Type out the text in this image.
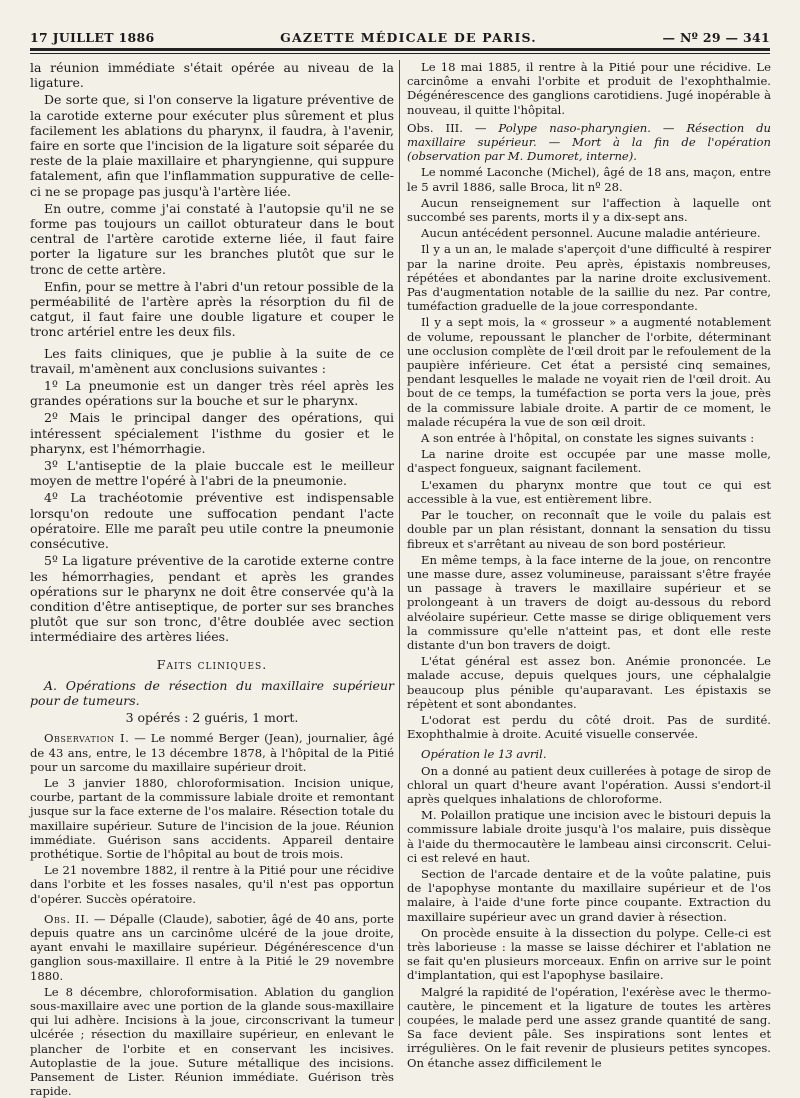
17 JUILLET 1886	GAZETTE MÉDICALE DE PARIS.	— Nº 29 — 341

la réunion immédiate s'était opérée au niveau de la ligature.

De sorte que, si l'on conserve la ligature préventive de la carotide externe pour exécuter plus sûrement et plus facilement les ablations du pharynx, il faudra, à l'avenir, faire en sorte que l'incision de la ligature soit séparée du reste de la plaie maxillaire et pharyngienne, qui suppure fatalement, afin que l'inflammation suppurative de celle-ci ne se propage pas jusqu'à l'artère liée.

En outre, comme j'ai constaté à l'autopsie qu'il ne se forme pas toujours un caillot obturateur dans le bout central de l'artère carotide externe liée, il faut faire porter la ligature sur les branches plutôt que sur le tronc de cette artère.

Enfin, pour se mettre à l'abri d'un retour possible de la perméabilité de l'artère après la résorption du fil de catgut, il faut faire une double ligature et couper le tronc artériel entre les deux fils.

Les faits cliniques, que je publie à la suite de ce travail, m'amènent aux conclusions suivantes :

1º La pneumonie est un danger très réel après les grandes opérations sur la bouche et sur le pharynx.

2º Mais le principal danger des opérations, qui intéressent spécialement l'isthme du gosier et le pharynx, est l'hémorrhagie.

3º L'antiseptie de la plaie buccale est le meilleur moyen de mettre l'opéré à l'abri de la pneumonie.

4º La trachéotomie préventive est indispensable lorsqu'on redoute une suffocation pendant l'acte opératoire. Elle me paraît peu utile contre la pneumonie consécutive.

5º La ligature préventive de la carotide externe contre les hémorrhagies, pendant et après les grandes opérations sur le pharynx ne doit être conservée qu'à la condition d'être antiseptique, de porter sur ses branches plutôt que sur son tronc, d'être doublée avec section intermédiaire des artères liées.

Faits cliniques.

A. Opérations de résection du maxillaire supérieur pour de tumeurs.

3 opérés : 2 guéris, 1 mort.

Observation I. — Le nommé Berger (Jean), journalier, âgé de 43 ans, entre, le 13 décembre 1878, à l'hôpital de la Pitié pour un sarcome du maxillaire supérieur droit.

Le 3 janvier 1880, chloroformisation. Incision unique, courbe, partant de la commissure labiale droite et remontant jusque sur la face externe de l'os malaire. Résection totale du maxillaire supérieur. Suture de l'incision de la joue. Réunion immédiate. Guérison sans accidents. Appareil dentaire prothétique. Sortie de l'hôpital au bout de trois mois.

Le 21 novembre 1882, il rentre à la Pitié pour une récidive dans l'orbite et les fosses nasales, qu'il n'est pas opportun d'opérer. Succès opératoire.

Obs. II. — Dépalle (Claude), sabotier, âgé de 40 ans, porte depuis quatre ans un carcinôme ulcéré de la joue droite, ayant envahi le maxillaire supérieur. Dégénérescence d'un ganglion sous-maxillaire. Il entre à la Pitié le 29 novembre 1880.

Le 8 décembre, chloroformisation. Ablation du ganglion sous-maxillaire avec une portion de la glande sous-maxillaire qui lui adhère. Incisions à la joue, circonscrivant la tumeur ulcérée ; résection du maxillaire supérieur, en enlevant le plancher de l'orbite et en conservant les incisives. Autoplastie de la joue. Suture métallique des incisions. Pansement de Lister. Réunion immédiate. Guérison très rapide.

Le 18 mai 1885, il rentre à la Pitié pour une récidive. Le carcinôme a envahi l'orbite et produit de l'exophthalmie. Dégénérescence des ganglions carotidiens. Jugé inopérable à nouveau, il quitte l'hôpital.

Obs. III. — Polype naso-pharyngien. — Résection du maxillaire supérieur. — Mort à la fin de l'opération (observation par M. Dumoret, interne).

Le nommé Laconche (Michel), âgé de 18 ans, maçon, entre le 5 avril 1886, salle Broca, lit nº 28.

Aucun renseignement sur l'affection à laquelle ont succombé ses parents, morts il y a dix-sept ans.

Aucun antécédent personnel. Aucune maladie antérieure.

Il y a un an, le malade s'aperçoit d'une difficulté à respirer par la narine droite. Peu après, épistaxis nombreuses, répétées et abondantes par la narine droite exclusivement. Pas d'augmentation notable de la saillie du nez. Par contre, tuméfaction graduelle de la joue correspondante.

Il y a sept mois, la « grosseur » a augmenté notablement de volume, repoussant le plancher de l'orbite, déterminant une occlusion complète de l'œil droit par le refoulement de la paupière inférieure. Cet état a persisté cinq semaines, pendant lesquelles le malade ne voyait rien de l'œil droit. Au bout de ce temps, la tuméfaction se porta vers la joue, près de la commissure labiale droite. A partir de ce moment, le malade récupéra la vue de son œil droit.

A son entrée à l'hôpital, on constate les signes suivants :

La narine droite est occupée par une masse molle, d'aspect fongueux, saignant facilement.

L'examen du pharynx montre que tout ce qui est accessible à la vue, est entièrement libre.

Par le toucher, on reconnaît que le voile du palais est double par un plan résistant, donnant la sensation du tissu fibreux et s'arrêtant au niveau de son bord postérieur.

En même temps, à la face interne de la joue, on rencontre une masse dure, assez volumineuse, paraissant s'être frayée un passage à travers le maxillaire supérieur et se prolongeant à un travers de doigt au-dessous du rebord alvéolaire supérieur. Cette masse se dirige obliquement vers la commissure qu'elle n'atteint pas, et dont elle reste distante d'un bon travers de doigt.

L'état général est assez bon. Anémie prononcée. Le malade accuse, depuis quelques jours, une céphalalgie beaucoup plus pénible qu'auparavant. Les épistaxis se répètent et sont abondantes.

L'odorat est perdu du côté droit. Pas de surdité. Exophthalmie à droite. Acuité visuelle conservée.

Opération le 13 avril.

On a donné au patient deux cuillerées à potage de sirop de chloral un quart d'heure avant l'opération. Aussi s'endort-il après quelques inhalations de chloroforme.

M. Polaillon pratique une incision avec le bistouri depuis la commissure labiale droite jusqu'à l'os malaire, puis dissèque à l'aide du thermocautère le lambeau ainsi circonscrit. Celui-ci est relevé en haut.

Section de l'arcade dentaire et de la voûte palatine, puis de l'apophyse montante du maxillaire supérieur et de l'os malaire, à l'aide d'une forte pince coupante. Extraction du maxillaire supérieur avec un grand davier à résection.

On procède ensuite à la dissection du polype. Celle-ci est très laborieuse : la masse se laisse déchirer et l'ablation ne se fait qu'en plusieurs morceaux. Enfin on arrive sur le point d'implantation, qui est l'apophyse basilaire.

Malgré la rapidité de l'opération, l'exérèse avec le thermo-cautère, le pincement et la ligature de toutes les artères coupées, le malade perd une assez grande quantité de sang. Sa face devient pâle. Ses inspirations sont lentes et irrégulières. On le fait revenir de plusieurs petites syncopes. On étanche assez difficilement le
